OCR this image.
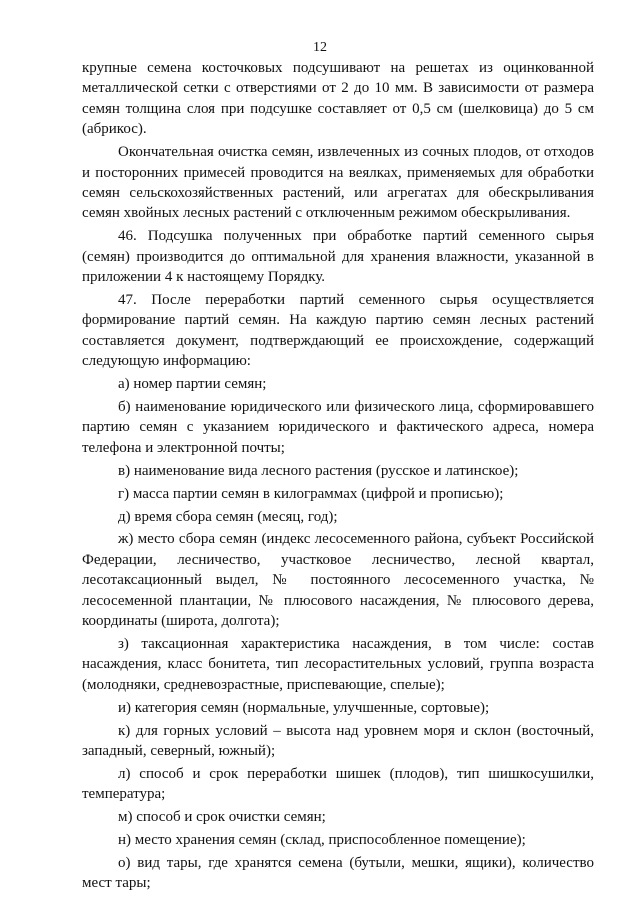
12

крупные семена косточковых подсушивают на решетах из оцинкованной металлической сетки с отверстиями от 2 до 10 мм. В зависимости от размера семян толщина слоя при подсушке составляет от 0,5 см (шелковица) до 5 см (абрикос).

Окончательная очистка семян, извлеченных из сочных плодов, от отходов и посторонних примесей проводится на веялках, применяемых для обработки семян сельскохозяйственных растений, или агрегатах для обескрыливания семян хвойных лесных растений с отключенным режимом обескрыливания.

46. Подсушка полученных при обработке партий семенного сырья (семян) производится до оптимальной для хранения влажности, указанной в приложении 4 к настоящему Порядку.

47. После переработки партий семенного сырья осуществляется формирование партий семян. На каждую партию семян лесных растений составляется документ, подтверждающий ее происхождение, содержащий следующую информацию:

а) номер партии семян;

б) наименование юридического или физического лица, сформировавшего партию семян с указанием юридического и фактического адреса, номера телефона и электронной почты;

в) наименование вида лесного растения (русское и латинское);

г) масса партии семян в килограммах (цифрой и прописью);

д) время сбора семян (месяц, год);

ж) место сбора семян (индекс лесосеменного района, субъект Российской Федерации, лесничество, участковое лесничество, лесной квартал, лесотаксационный выдел, № постоянного лесосеменного участка, № лесосеменной плантации, № плюсового насаждения, № плюсового дерева, координаты (широта, долгота);

з) таксационная характеристика насаждения, в том числе: состав насаждения, класс бонитета, тип лесорастительных условий, группа возраста (молодняки, средневозрастные, приспевающие, спелые);

и) категория семян (нормальные, улучшенные, сортовые);

к) для горных условий – высота над уровнем моря и склон (восточный, западный, северный, южный);

л) способ и срок переработки шишек (плодов), тип шишкосушилки, температура;

м) способ и срок очистки семян;

н) место хранения семян (склад, приспособленное помещение);

о) вид тары, где хранятся семена (бутыли, мешки, ящики), количество мест тары;
